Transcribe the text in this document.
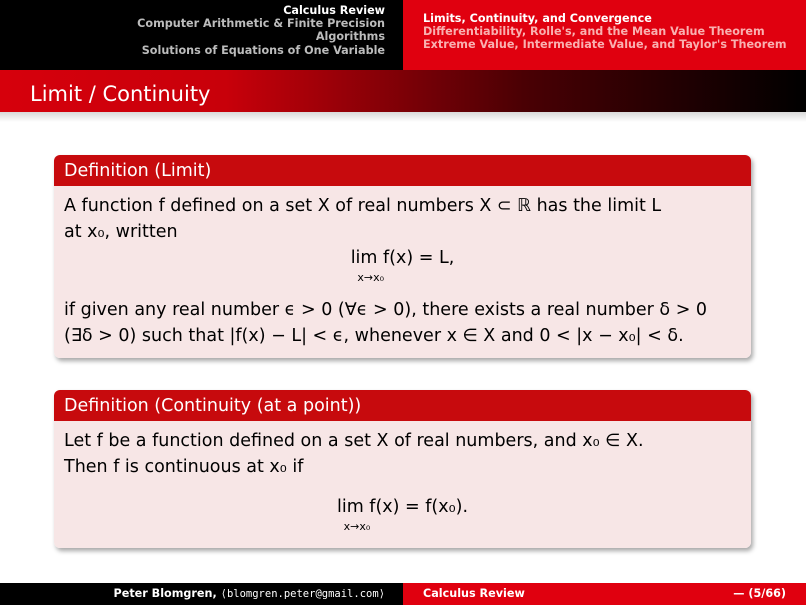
Calculus Review
Computer Arithmetic & Finite Precision
Algorithms
Solutions of Equations of One Variable
Limits, Continuity, and Convergence
Differentiability, Rolle's, and the Mean Value Theorem
Extreme Value, Intermediate Value, and Taylor's Theorem
Limit / Continuity
Definition (Limit)
A function f defined on a set X of real numbers X ⊂ ℝ has the limit L
at x₀, written
lim f(x) = L,
x→x₀
if given any real number ϵ > 0 (∀ϵ > 0), there exists a real number δ > 0
(∃δ > 0) such that |f(x) − L| < ϵ, whenever x ∈ X and 0 < |x − x₀| < δ.
Definition (Continuity (at a point))
Let f be a function defined on a set X of real numbers, and x₀ ∈ X.
Then f is continuous at x₀ if
lim f(x) = f(x₀).
x→x₀
Peter Blomgren, ⟨blomgren.peter@gmail.com⟩	Calculus Review	— (5/66)
